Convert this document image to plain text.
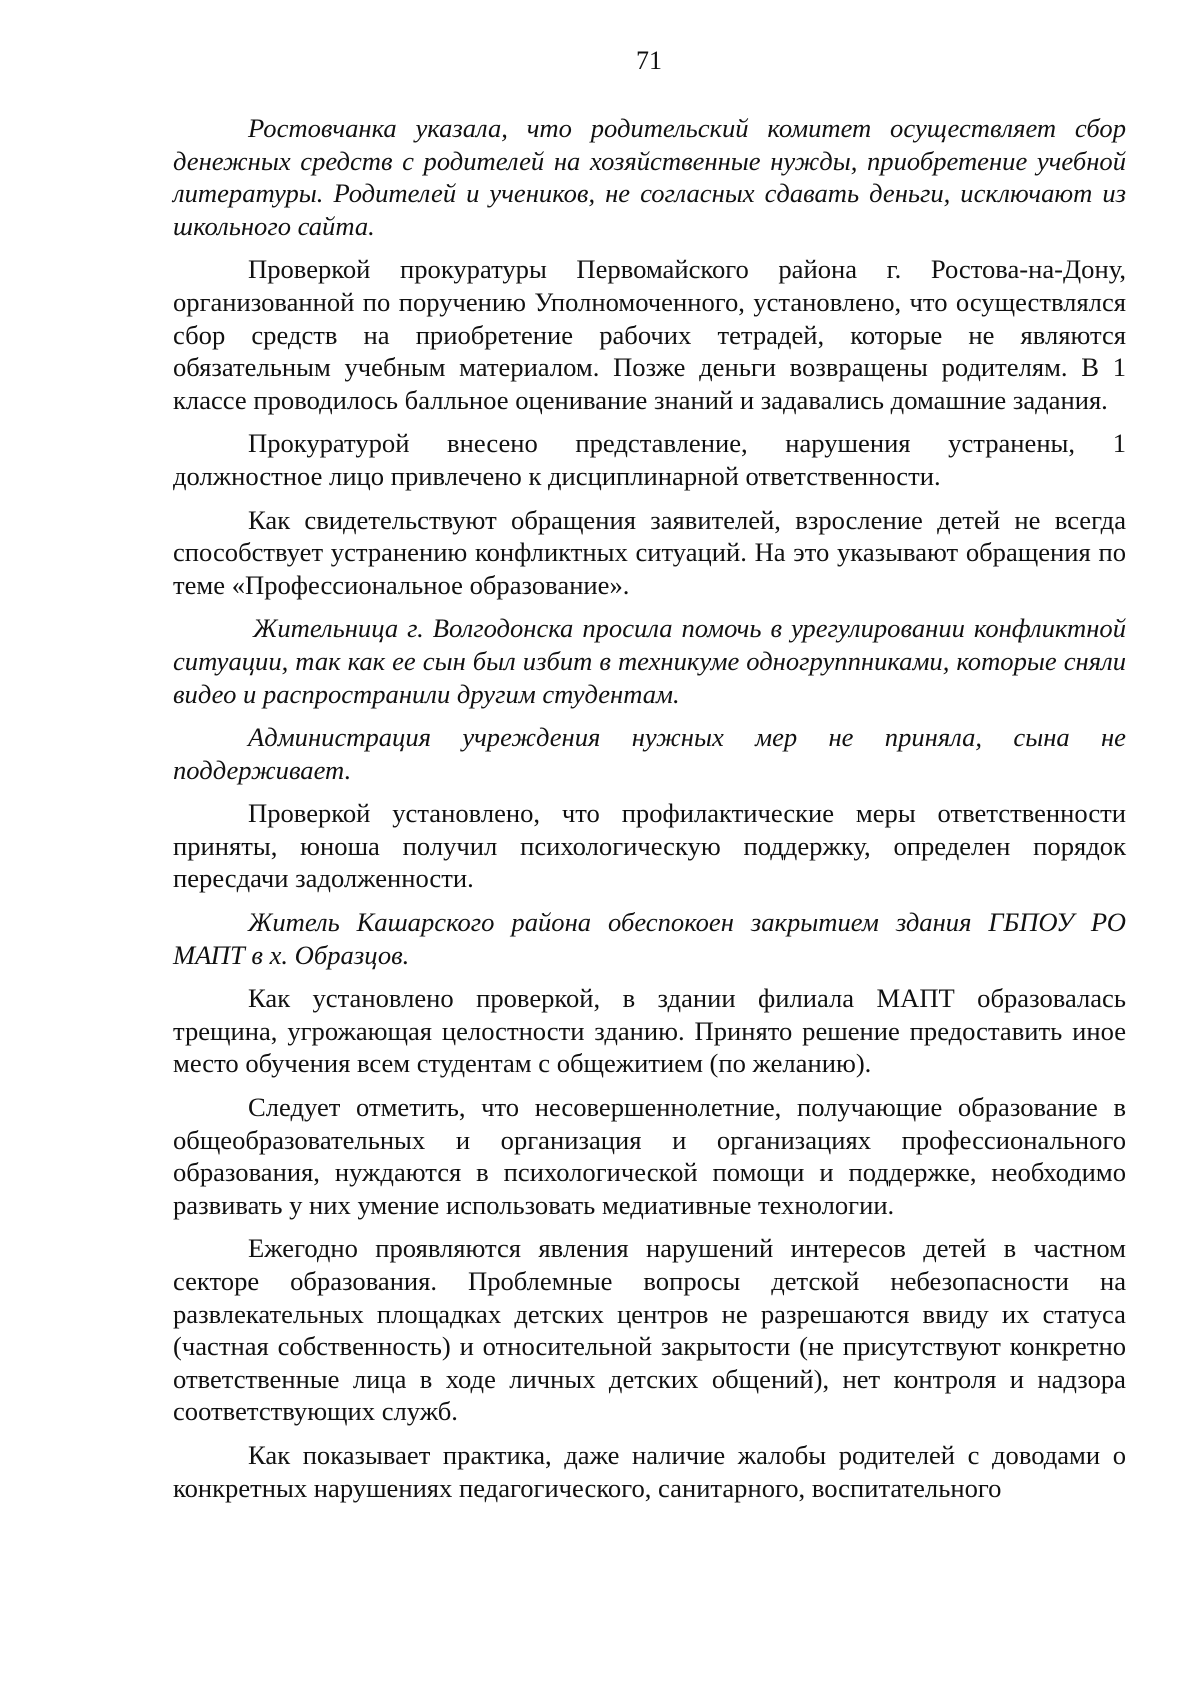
71

Ростовчанка указала, что родительский комитет осуществляет сбор денежных средств с родителей на хозяйственные нужды, приобретение учебной литературы. Родителей и учеников, не согласных сдавать деньги, исключают из школьного сайта.

Проверкой прокуратуры Первомайского района г. Ростова-на-Дону, организованной по поручению Уполномоченного, установлено, что осуществлялся сбор средств на приобретение рабочих тетрадей, которые не являются обязательным учебным материалом. Позже деньги возвращены родителям. В 1 классе проводилось балльное оценивание знаний и задавались домашние задания.

Прокуратурой внесено представление, нарушения устранены, 1 должностное лицо привлечено к дисциплинарной ответственности.

Как свидетельствуют обращения заявителей, взросление детей не всегда способствует устранению конфликтных ситуаций. На это указывают обращения по теме «Профессиональное образование».

Жительница г. Волгодонска просила помочь в урегулировании конфликтной ситуации, так как ее сын был избит в техникуме одногруппниками, которые сняли видео и распространили другим студентам.

Администрация учреждения нужных мер не приняла, сына не поддерживает.

Проверкой установлено, что профилактические меры ответственности приняты, юноша получил психологическую поддержку, определен порядок пересдачи задолженности.

Житель Кашарского района обеспокоен закрытием здания ГБПОУ РО МАПТ в х. Образцов.

Как установлено проверкой, в здании филиала МАПТ образовалась трещина, угрожающая целостности зданию. Принято решение предоставить иное место обучения всем студентам с общежитием (по желанию).

Следует отметить, что несовершеннолетние, получающие образование в общеобразовательных и организация и организациях профессионального образования, нуждаются в психологической помощи и поддержке, необходимо развивать у них умение использовать медиативные технологии.

Ежегодно проявляются явления нарушений интересов детей в частном секторе образования. Проблемные вопросы детской небезопасности на развлекательных площадках детских центров не разрешаются ввиду их статуса (частная собственность) и относительной закрытости (не присутствуют конкретно ответственные лица в ходе личных детских общений), нет контроля и надзора соответствующих служб.

Как показывает практика, даже наличие жалобы родителей с доводами о конкретных нарушениях педагогического, санитарного, воспитательного
